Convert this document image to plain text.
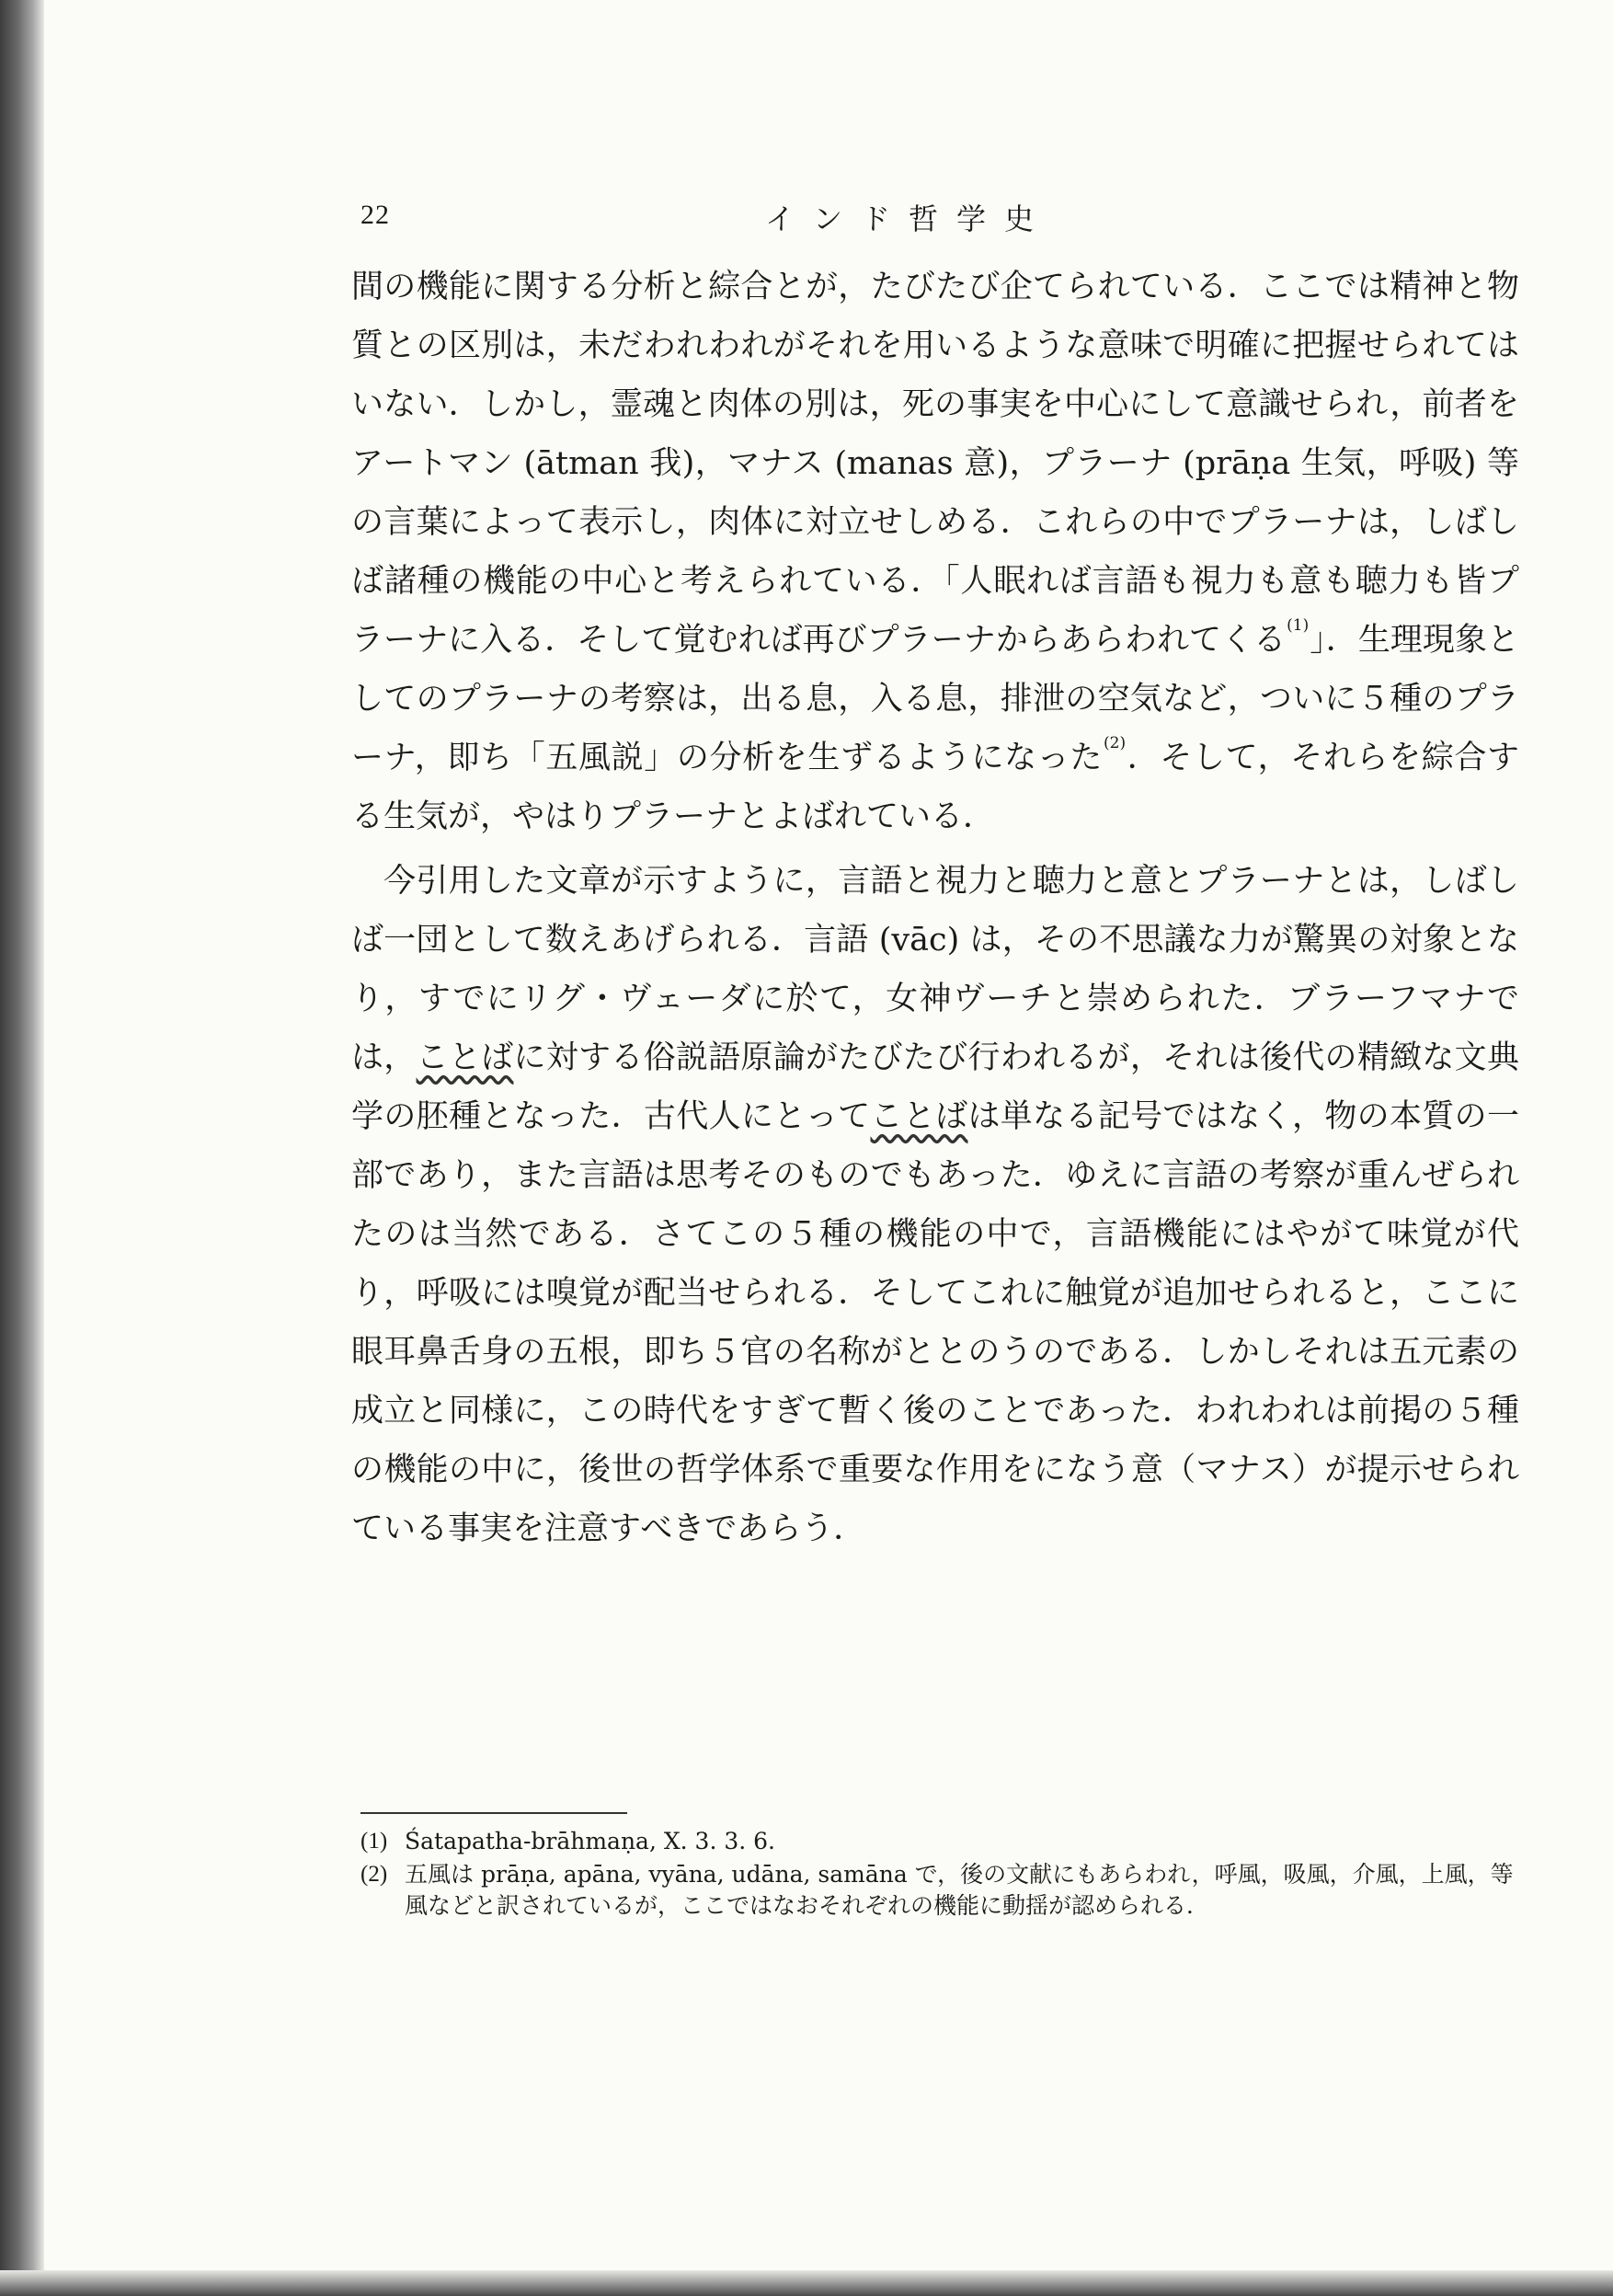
22	インド哲学史

間の機能に関する分析と綜合とが，たびたび企てられている．ここでは精神と物質との区別は，未だわれわれがそれを用いるような意味で明確に把握せられてはいない．しかし，霊魂と肉体の別は，死の事実を中心にして意識せられ，前者をアートマン (ātman 我)，マナス (manas 意)，プラーナ (prāṇa 生気，呼吸) 等の言葉によって表示し，肉体に対立せしめる．これらの中でプラーナは，しばしば諸種の機能の中心と考えられている．「人眠れば言語も視力も意も聴力も皆プラーナに入る．そして覚むれば再びプラーナからあらわれてくる$^{(1)}$」．生理現象としてのプラーナの考察は，出る息，入る息，排泄の空気など，ついに５種のプラーナ，即ち「五風説」の分析を生ずるようになった$^{(2)}$．そして，それらを綜合する生気が，やはりプラーナとよばれている．

今引用した文章が示すように，言語と視力と聴力と意とプラーナとは，しばしば一団として数えあげられる．言語 (vāc) は，その不思議な力が驚異の対象となり，すでにリグ・ヴェーダに於て，女神ヴーチと崇められた．ブラーフマナでは，ことばに対する俗説語原論がたびたび行われるが，それは後代の精緻な文典学の胚種となった．古代人にとってことばは単なる記号ではなく，物の本質の一部であり，また言語は思考そのものでもあった．ゆえに言語の考察が重んぜられたのは当然である．さてこの５種の機能の中で，言語機能にはやがて味覚が代り，呼吸には嗅覚が配当せられる．そしてこれに触覚が追加せられると，ここに眼耳鼻舌身の五根，即ち５官の名称がととのうのである．しかしそれは五元素の成立と同様に，この時代をすぎて暫く後のことであった．われわれは前掲の５種の機能の中に，後世の哲学体系で重要な作用をになう意（マナス）が提示せられている事実を注意すべきであらう．

(1) Śatapatha-brāhmaṇa, X. 3. 3. 6.
(2) 五風は prāṇa, apāna, vyāna, udāna, samāna で，後の文献にもあらわれ，呼風，吸風，介風，上風，等風などと訳されているが，ここではなおそれぞれの機能に動揺が認められる．
